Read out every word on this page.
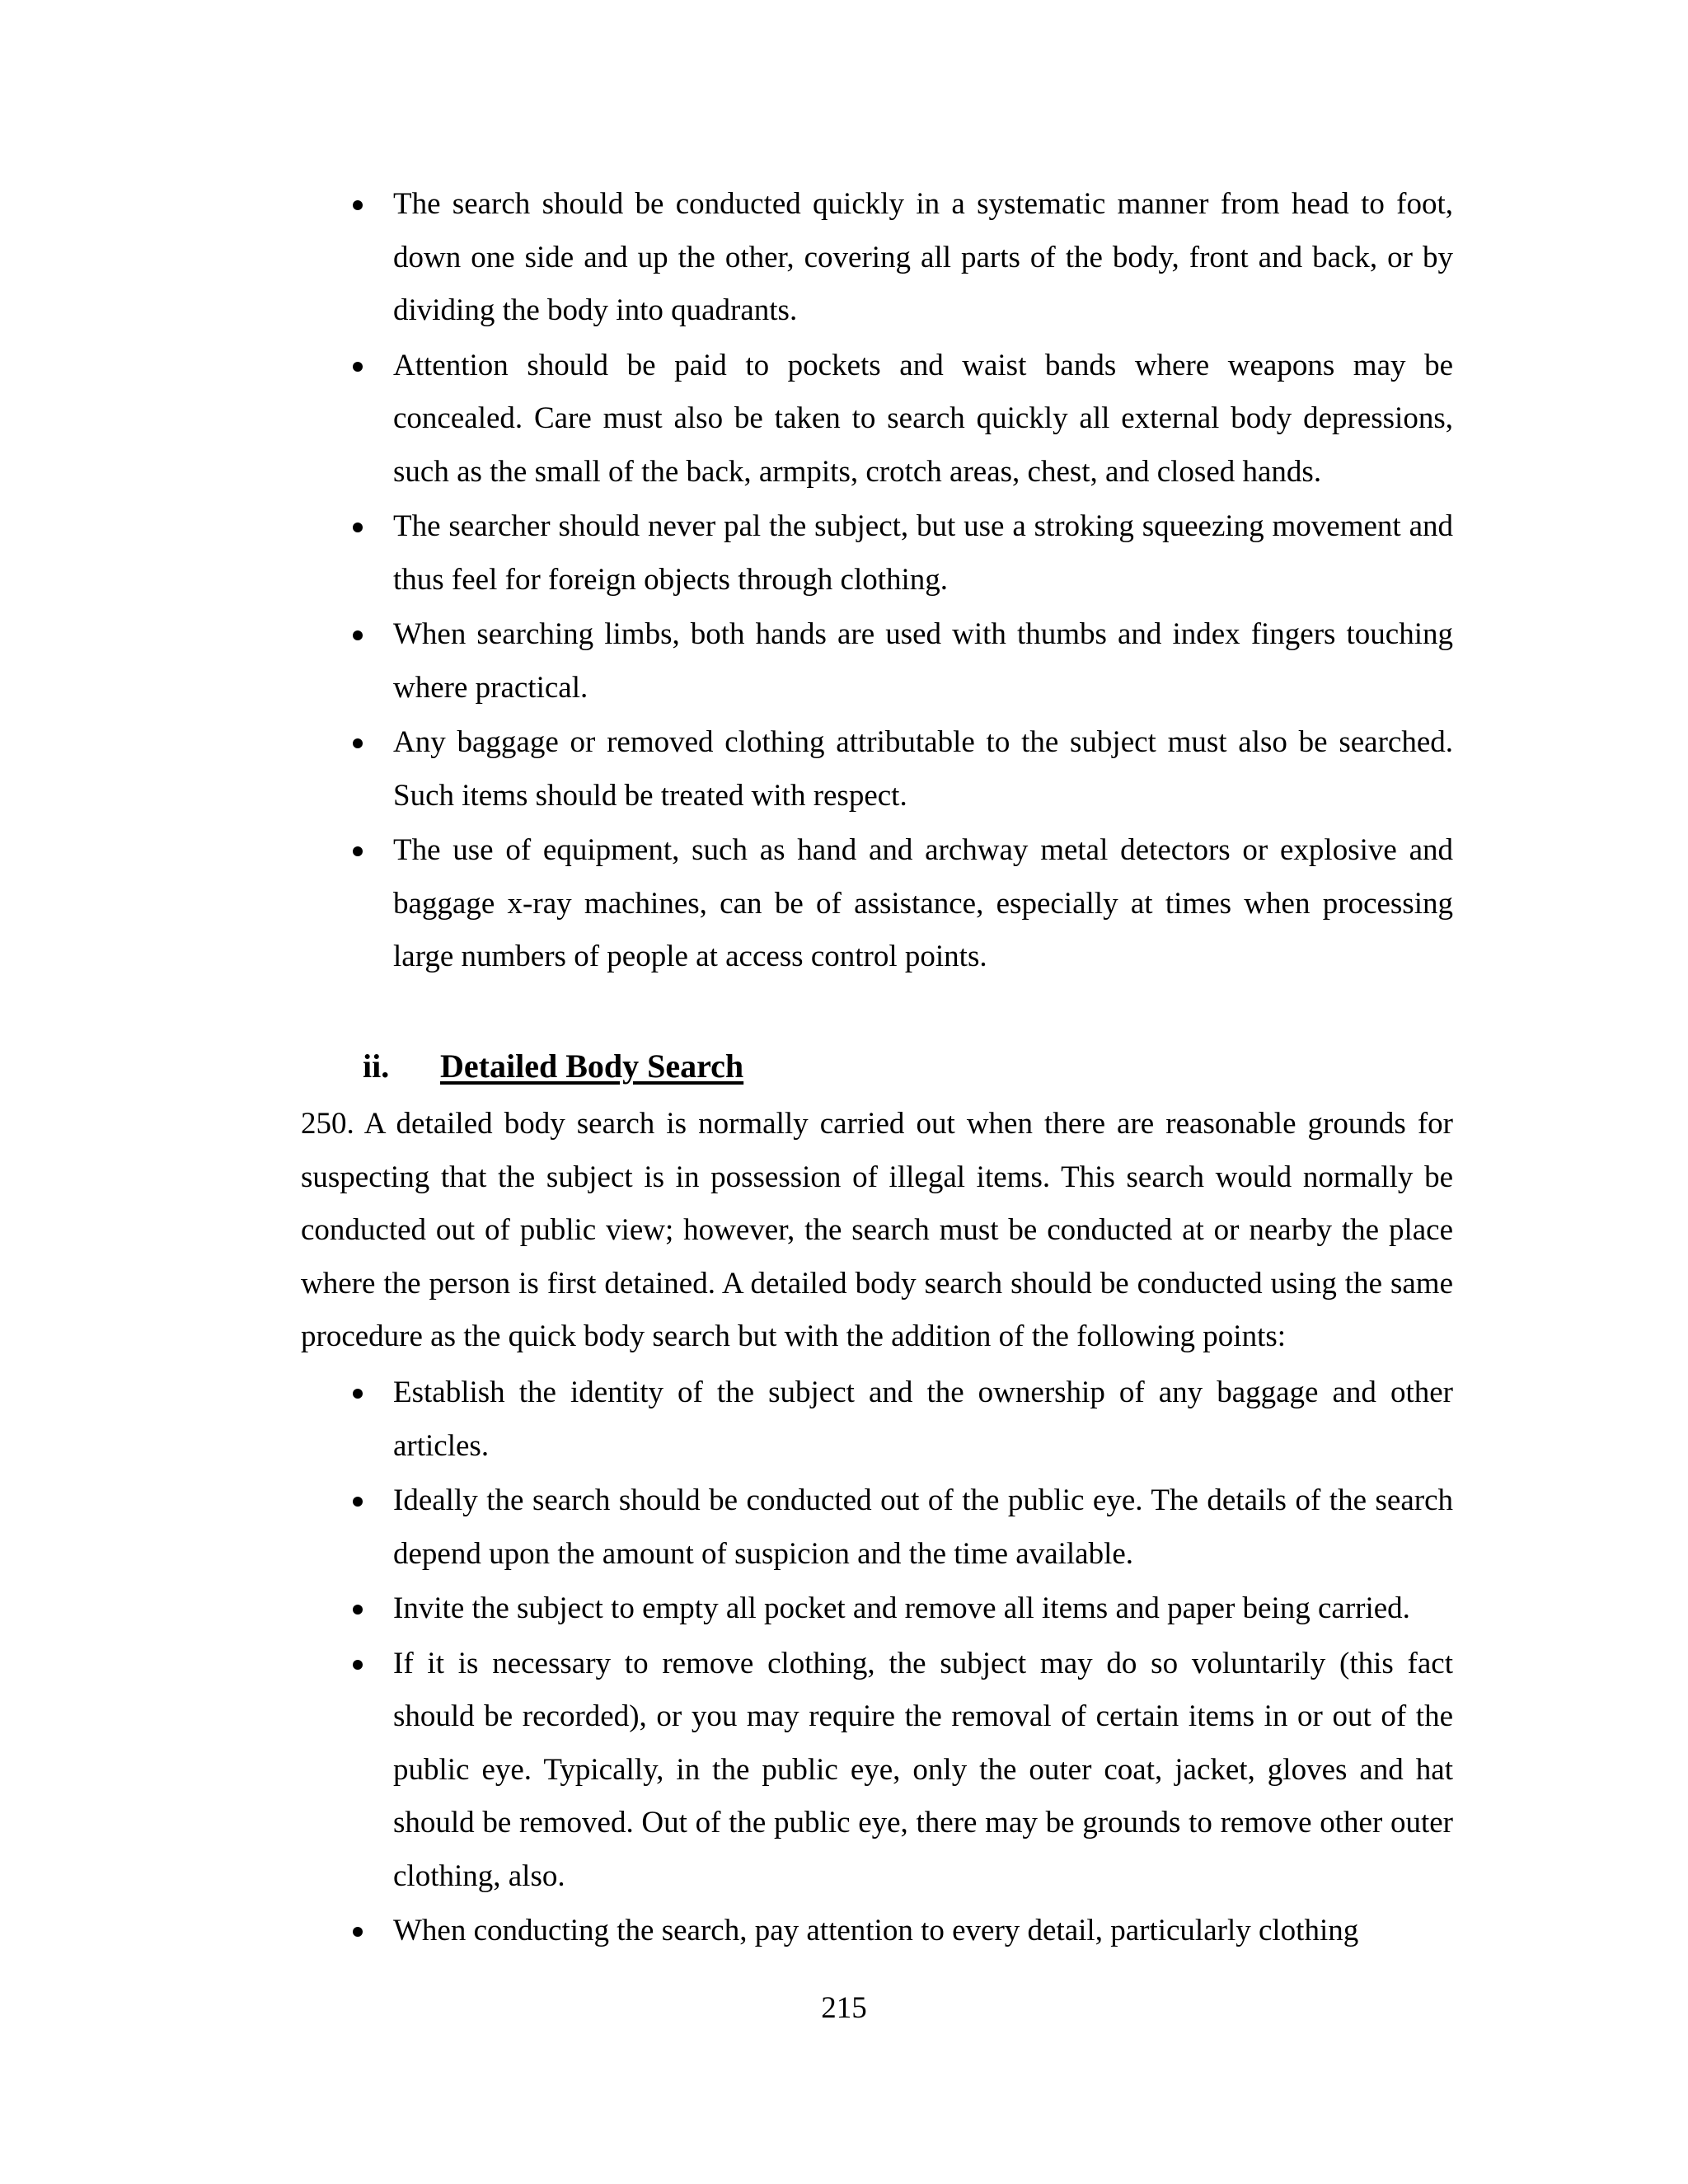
The search should be conducted quickly in a systematic manner from head to foot, down one side and up the other, covering all parts of the body, front and back, or by dividing the body into quadrants.
Attention should be paid to pockets and waist bands where weapons may be concealed. Care must also be taken to search quickly all external body depressions, such as the small of the back, armpits, crotch areas, chest, and closed hands.
The searcher should never pal the subject, but use a stroking squeezing movement and thus feel for foreign objects through clothing.
When searching limbs, both hands are used with thumbs and index fingers touching where practical.
Any baggage or removed clothing attributable to the subject must also be searched. Such items should be treated with respect.
The use of equipment, such as hand and archway metal detectors or explosive and baggage x-ray machines, can be of assistance, especially at times when processing large numbers of people at access control points.
ii. Detailed Body Search
250. A detailed body search is normally carried out when there are reasonable grounds for suspecting that the subject is in possession of illegal items. This search would normally be conducted out of public view; however, the search must be conducted at or nearby the place where the person is first detained. A detailed body search should be conducted using the same procedure as the quick body search but with the addition of the following points:
Establish the identity of the subject and the ownership of any baggage and other articles.
Ideally the search should be conducted out of the public eye. The details of the search depend upon the amount of suspicion and the time available.
Invite the subject to empty all pocket and remove all items and paper being carried.
If it is necessary to remove clothing, the subject may do so voluntarily (this fact should be recorded), or you may require the removal of certain items in or out of the public eye. Typically, in the public eye, only the outer coat, jacket, gloves and hat should be removed. Out of the public eye, there may be grounds to remove other outer clothing, also.
When conducting the search, pay attention to every detail, particularly clothing
215
